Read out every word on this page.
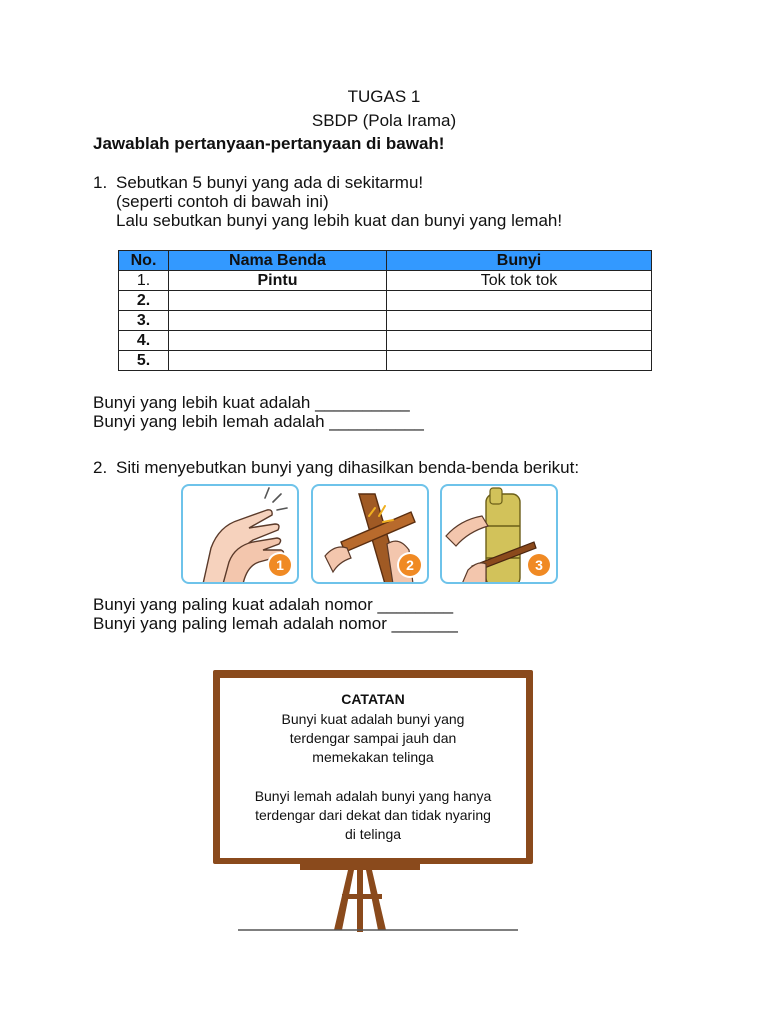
TUGAS 1
SBDP (Pola Irama)
Jawablah pertanyaan-pertanyaan di bawah!
1. Sebutkan 5 bunyi yang ada di sekitarmu!
(seperti contoh di bawah ini)
Lalu sebutkan bunyi yang lebih kuat dan bunyi yang lemah!
No.	Nama Benda	Bunyi
1.	Pintu	Tok tok tok
2.		
3.		
4.		
5.		
Bunyi yang lebih kuat adalah __________
Bunyi yang lebih lemah adalah __________
2. Siti menyebutkan bunyi yang dihasilkan benda-benda berikut:
1	2	3
Bunyi yang paling kuat adalah nomor ________
Bunyi yang paling lemah adalah nomor _______
CATATAN
Bunyi kuat adalah bunyi yang
terdengar sampai jauh dan
memekakan telinga
Bunyi lemah adalah bunyi yang hanya
terdengar dari dekat dan tidak nyaring
di telinga
